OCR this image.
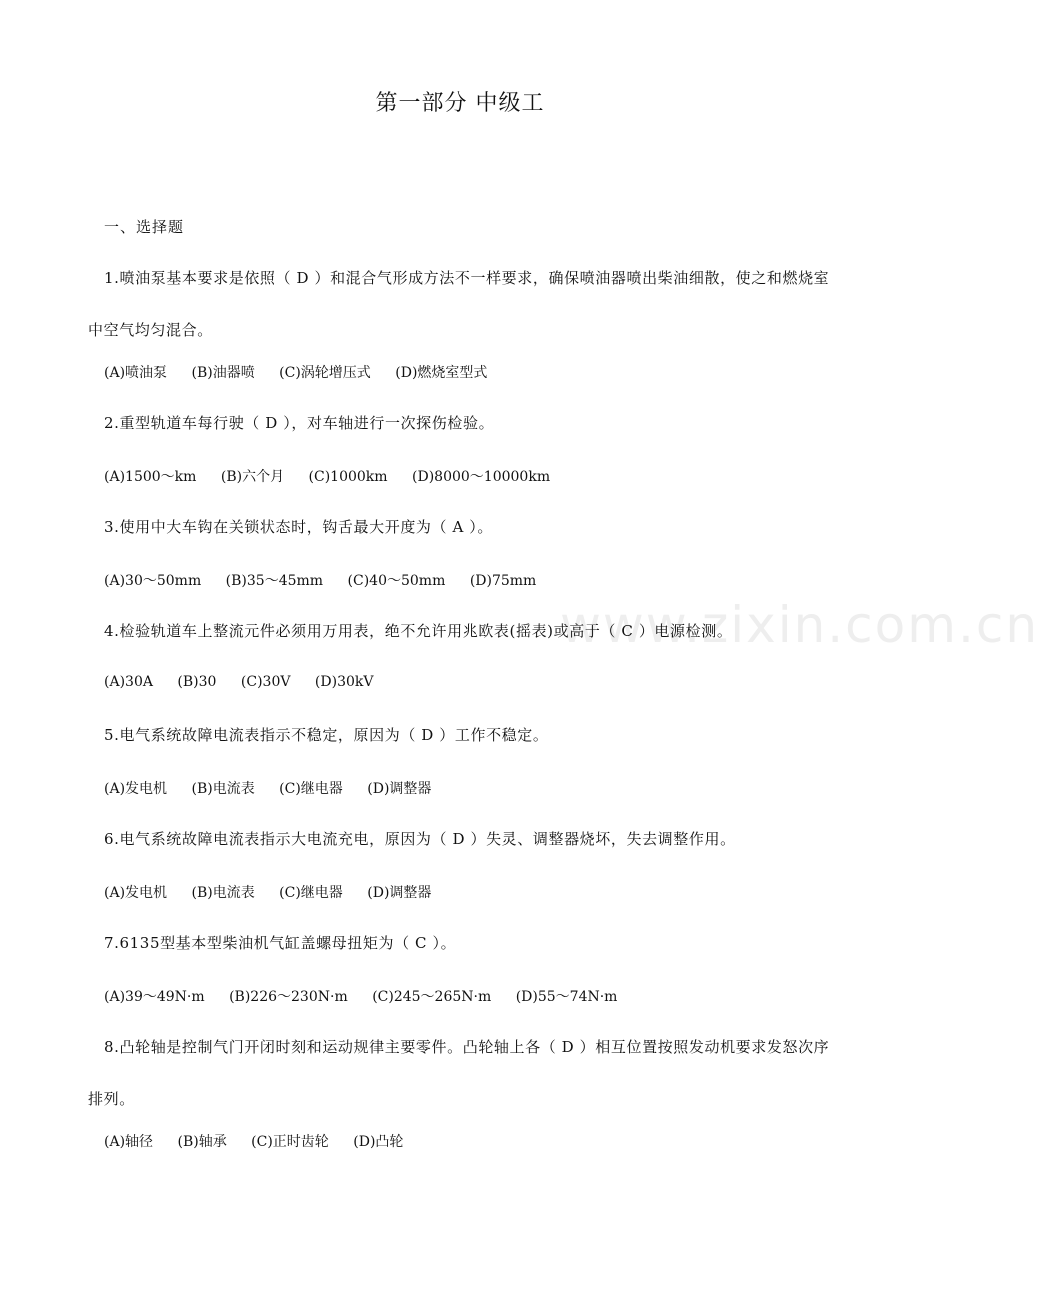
www.zixin.com.cn
第一部分 中级工
一、选择题

1.喷油泵基本要求是依照（ D ）和混合气形成方法不一样要求，确保喷油器喷出柴油细散，使之和燃烧室中空气均匀混合。

(A)喷油泵 (B)油器喷 (C)涡轮增压式 (D)燃烧室型式

2.重型轨道车每行驶（ D ），对车轴进行一次探伤检验。

(A)1500～km (B)六个月 (C)1000km (D)8000～10000km

3.使用中大车钩在关锁状态时，钩舌最大开度为（ A ）。

(A)30～50mm (B)35～45mm (C)40～50mm (D)75mm

4.检验轨道车上整流元件必须用万用表，绝不允许用兆欧表(摇表)或高于（ C ）电源检测。

(A)30A (B)30 (C)30V (D)30kV

5.电气系统故障电流表指示不稳定，原因为（ D ）工作不稳定。

(A)发电机 (B)电流表 (C)继电器 (D)调整器

6.电气系统故障电流表指示大电流充电，原因为（ D ）失灵、调整器烧坏，失去调整作用。

(A)发电机 (B)电流表 (C)继电器 (D)调整器

7.6135型基本型柴油机气缸盖螺母扭矩为（ C ）。

(A)39～49N·m (B)226～230N·m (C)245～265N·m (D)55～74N·m

8.凸轮轴是控制气门开闭时刻和运动规律主要零件。凸轮轴上各（ D ）相互位置按照发动机要求发怒次序排列。

(A)轴径 (B)轴承 (C)正时齿轮 (D)凸轮
